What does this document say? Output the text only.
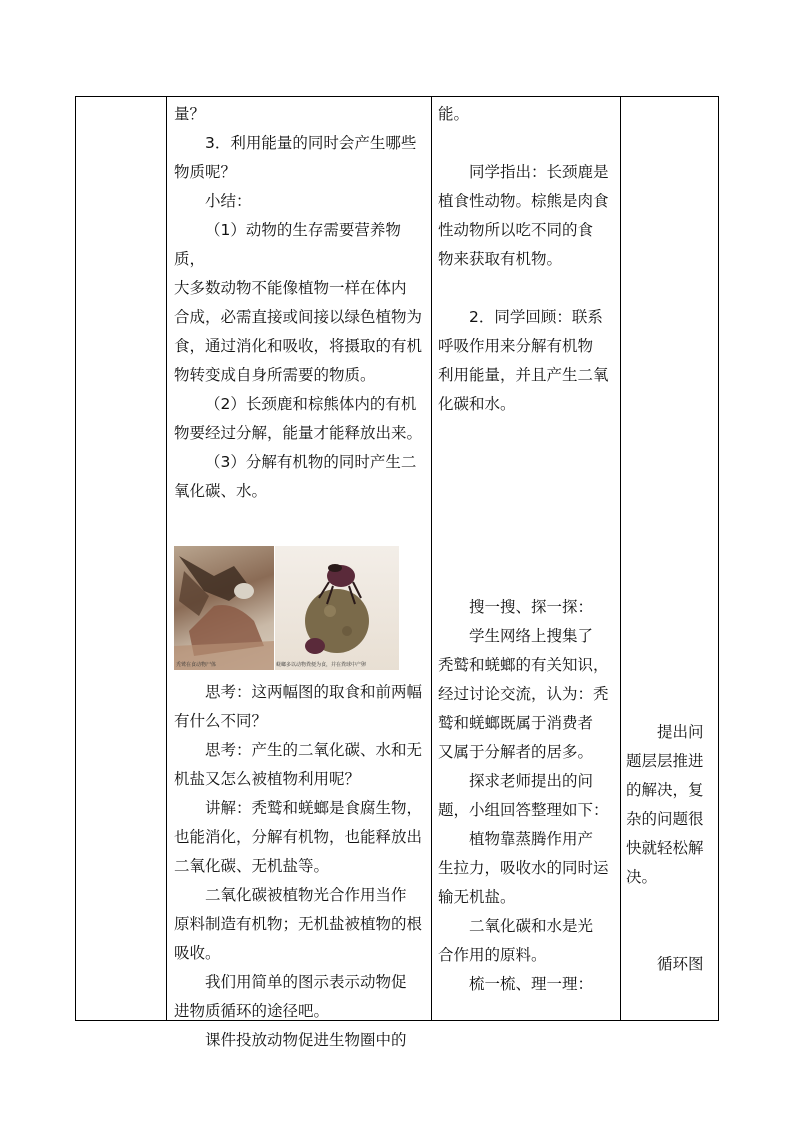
量？

3．利用能量的同时会产生哪些

物质呢？

小结：

（1）动物的生存需要营养物质，

大多数动物不能像植物一样在体内

合成，必需直接或间接以绿色植物为

食，通过消化和吸收，将摄取的有机

物转变成自身所需要的物质。

（2）长颈鹿和棕熊体内的有机

物要经过分解，能量才能释放出来。

（3）分解有机物的同时产生二

氧化碳、水。

秃鹫在食动物尸体	蜣螂多以动物粪便为食，并在粪球中产卵

思考：这两幅图的取食和前两幅

有什么不同？

思考：产生的二氧化碳、水和无

机盐又怎么被植物利用呢？

讲解：秃鹫和蜣螂是食腐生物，

也能消化，分解有机物，也能释放出

二氧化碳、无机盐等。

二氧化碳被植物光合作用当作

原料制造有机物；无机盐被植物的根

吸收。

我们用简单的图示表示动物促

进物质循环的途径吧。

课件投放动物促进生物圈中的

能。

同学指出：长颈鹿是

植食性动物。棕熊是肉食

性动物所以吃不同的食

物来获取有机物。

2．同学回顾：联系

呼吸作用来分解有机物

利用能量，并且产生二氧

化碳和水。

搜一搜、探一探：

学生网络上搜集了

秃鹫和蜣螂的有关知识，

经过讨论交流，认为：秃

鹫和蜣螂既属于消费者

又属于分解者的居多。

探求老师提出的问

题，小组回答整理如下：

植物靠蒸腾作用产

生拉力，吸收水的同时运

输无机盐。

二氧化碳和水是光

合作用的原料。

梳一梳、理一理：

提出问

题层层推进

的解决，复

杂的问题很

快就轻松解

决。

循环图
